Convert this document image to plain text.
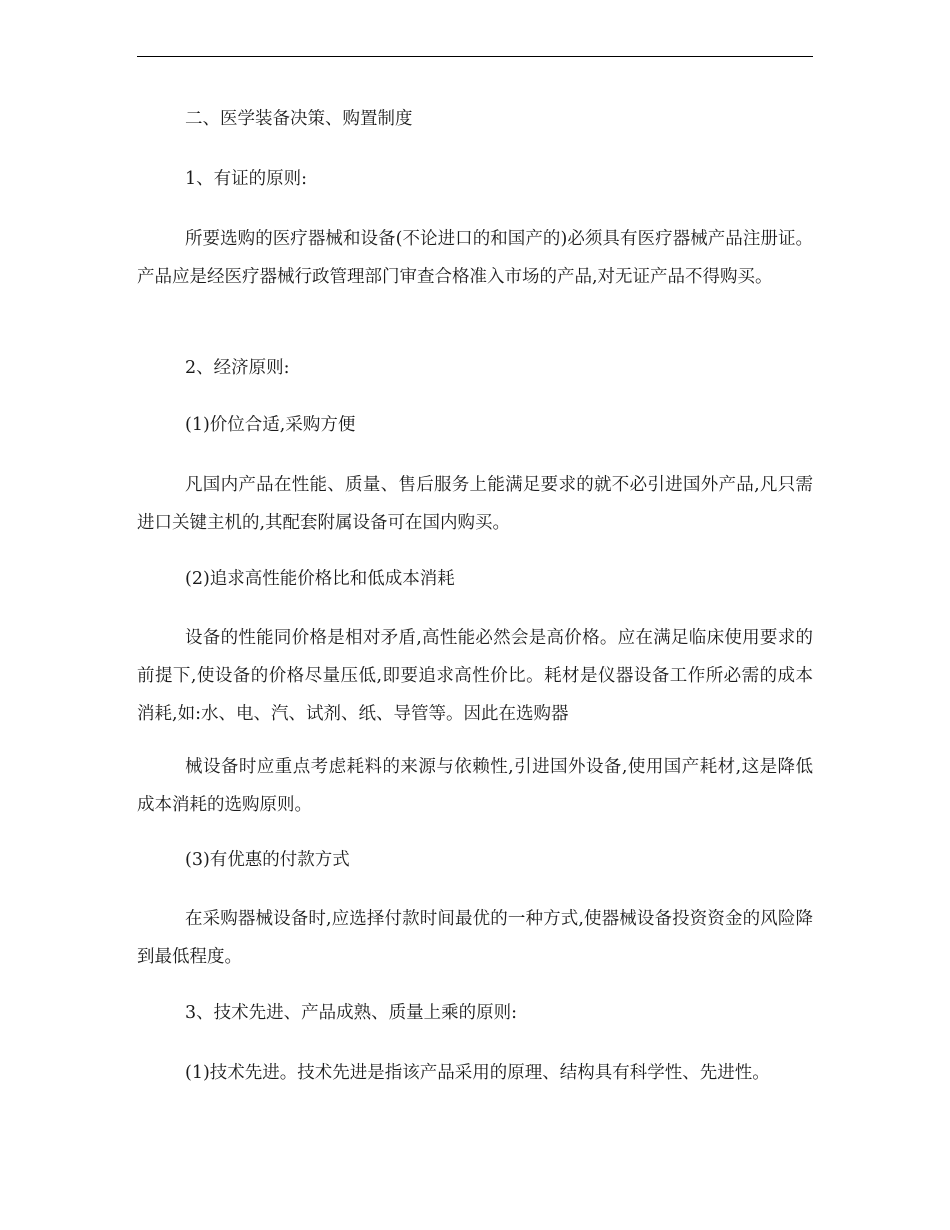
二、医学装备决策、购置制度
1、有证的原则:

所要选购的医疗器械和设备(不论进口的和国产的)必须具有医疗器械产品注册证。产品应是经医疗器械行政管理部门审查合格准入市场的产品,对无证产品不得购买。

2、经济原则:
(1)价位合适,采购方便

凡国内产品在性能、质量、售后服务上能满足要求的就不必引进国外产品,凡只需进口关键主机的,其配套附属设备可在国内购买。

(2)追求高性能价格比和低成本消耗

设备的性能同价格是相对矛盾,高性能必然会是高价格。应在满足临床使用要求的前提下,使设备的价格尽量压低,即要追求高性价比。耗材是仪器设备工作所必需的成本消耗,如:水、电、汽、试剂、纸、导管等。因此在选购器

械设备时应重点考虑耗料的来源与依赖性,引进国外设备,使用国产耗材,这是降低成本消耗的选购原则。

(3)有优惠的付款方式

在采购器械设备时,应选择付款时间最优的一种方式,使器械设备投资资金的风险降到最低程度。

3、技术先进、产品成熟、质量上乘的原则:

(1)技术先进。技术先进是指该产品采用的原理、结构具有科学性、先进性。
